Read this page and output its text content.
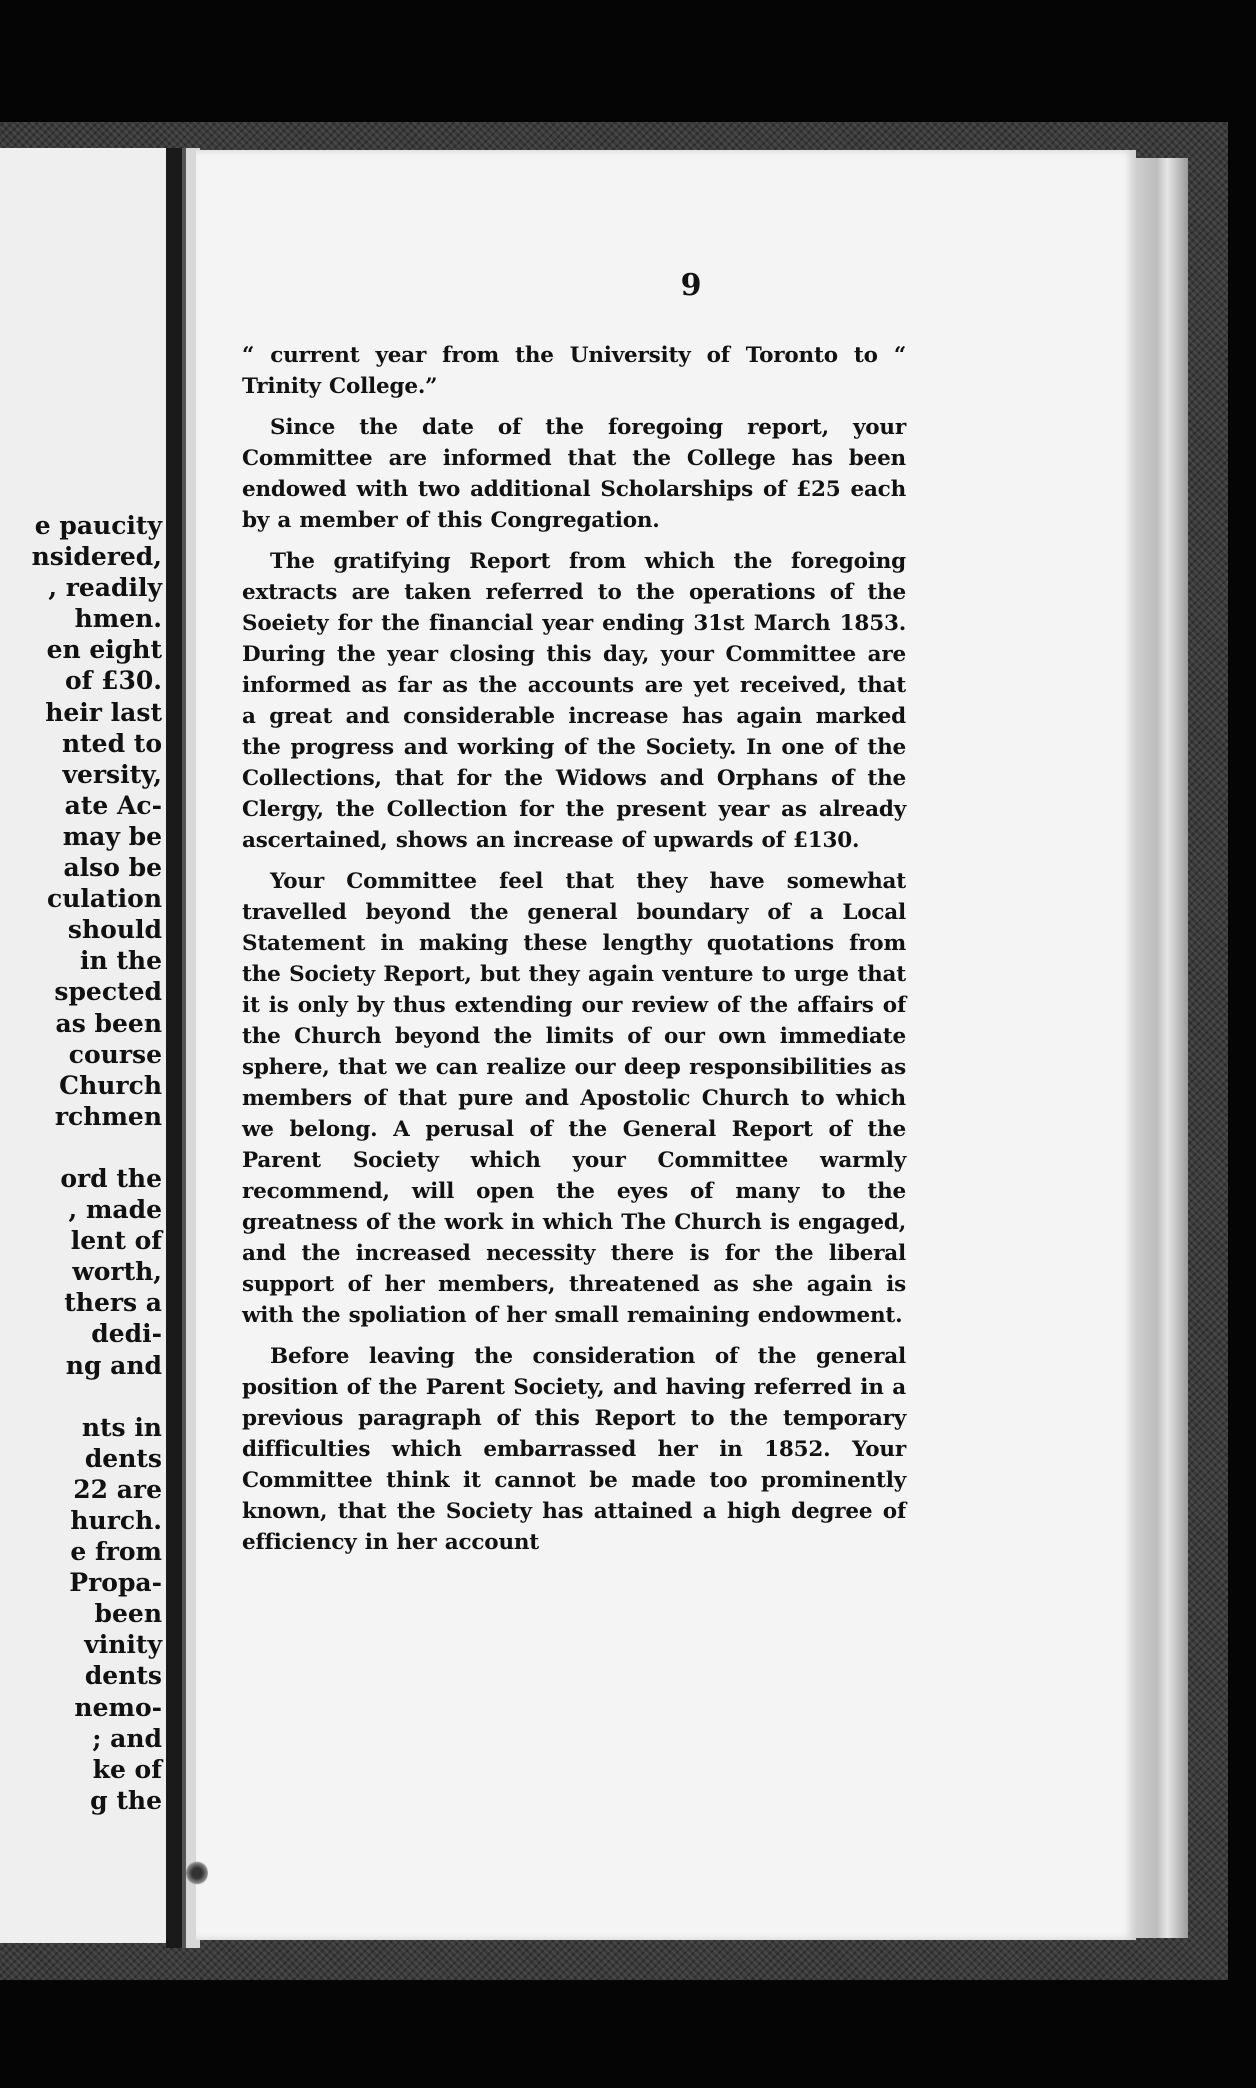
e paucity
nsidered,
, readily
hmen.
en eight
of £30.
heir last
nted to
versity,
ate Ac-
may be
also be
culation
should
in the
spected
as been
course
Church
rchmen
ord the
, made
lent of
worth,
thers a
dedi-
ng and
nts in
dents
22 are
hurch.
e from
Propa-
been
vinity
dents
nemo-
; and
ke of
g the
9

“ current year from the University of Toronto to “ Trinity College.”

Since the date of the foregoing report, your Committee are informed that the College has been endowed with two additional Scholarships of £25 each by a member of this Congregation.

The gratifying Report from which the foregoing extracts are taken referred to the operations of the Soeiety for the financial year ending 31st March 1853. During the year closing this day, your Committee are informed as far as the accounts are yet received, that a great and considerable increase has again marked the progress and working of the Society. In one of the Collections, that for the Widows and Orphans of the Clergy, the Collection for the present year as already ascertained, shows an increase of upwards of £130.

Your Committee feel that they have somewhat travelled beyond the general boundary of a Local Statement in making these lengthy quotations from the Society Report, but they again venture to urge that it is only by thus extending our review of the affairs of the Church beyond the limits of our own immediate sphere, that we can realize our deep responsibilities as members of that pure and Apostolic Church to which we belong. A perusal of the General Report of the Parent Society which your Committee warmly recommend, will open the eyes of many to the greatness of the work in which The Church is engaged, and the increased necessity there is for the liberal support of her members, threatened as she again is with the spoliation of her small remaining endowment.

Before leaving the consideration of the general position of the Parent Society, and having referred in a previous paragraph of this Report to the temporary difficulties which embarrassed her in 1852. Your Committee think it cannot be made too prominently known, that the Society has attained a high degree of efficiency in her account
